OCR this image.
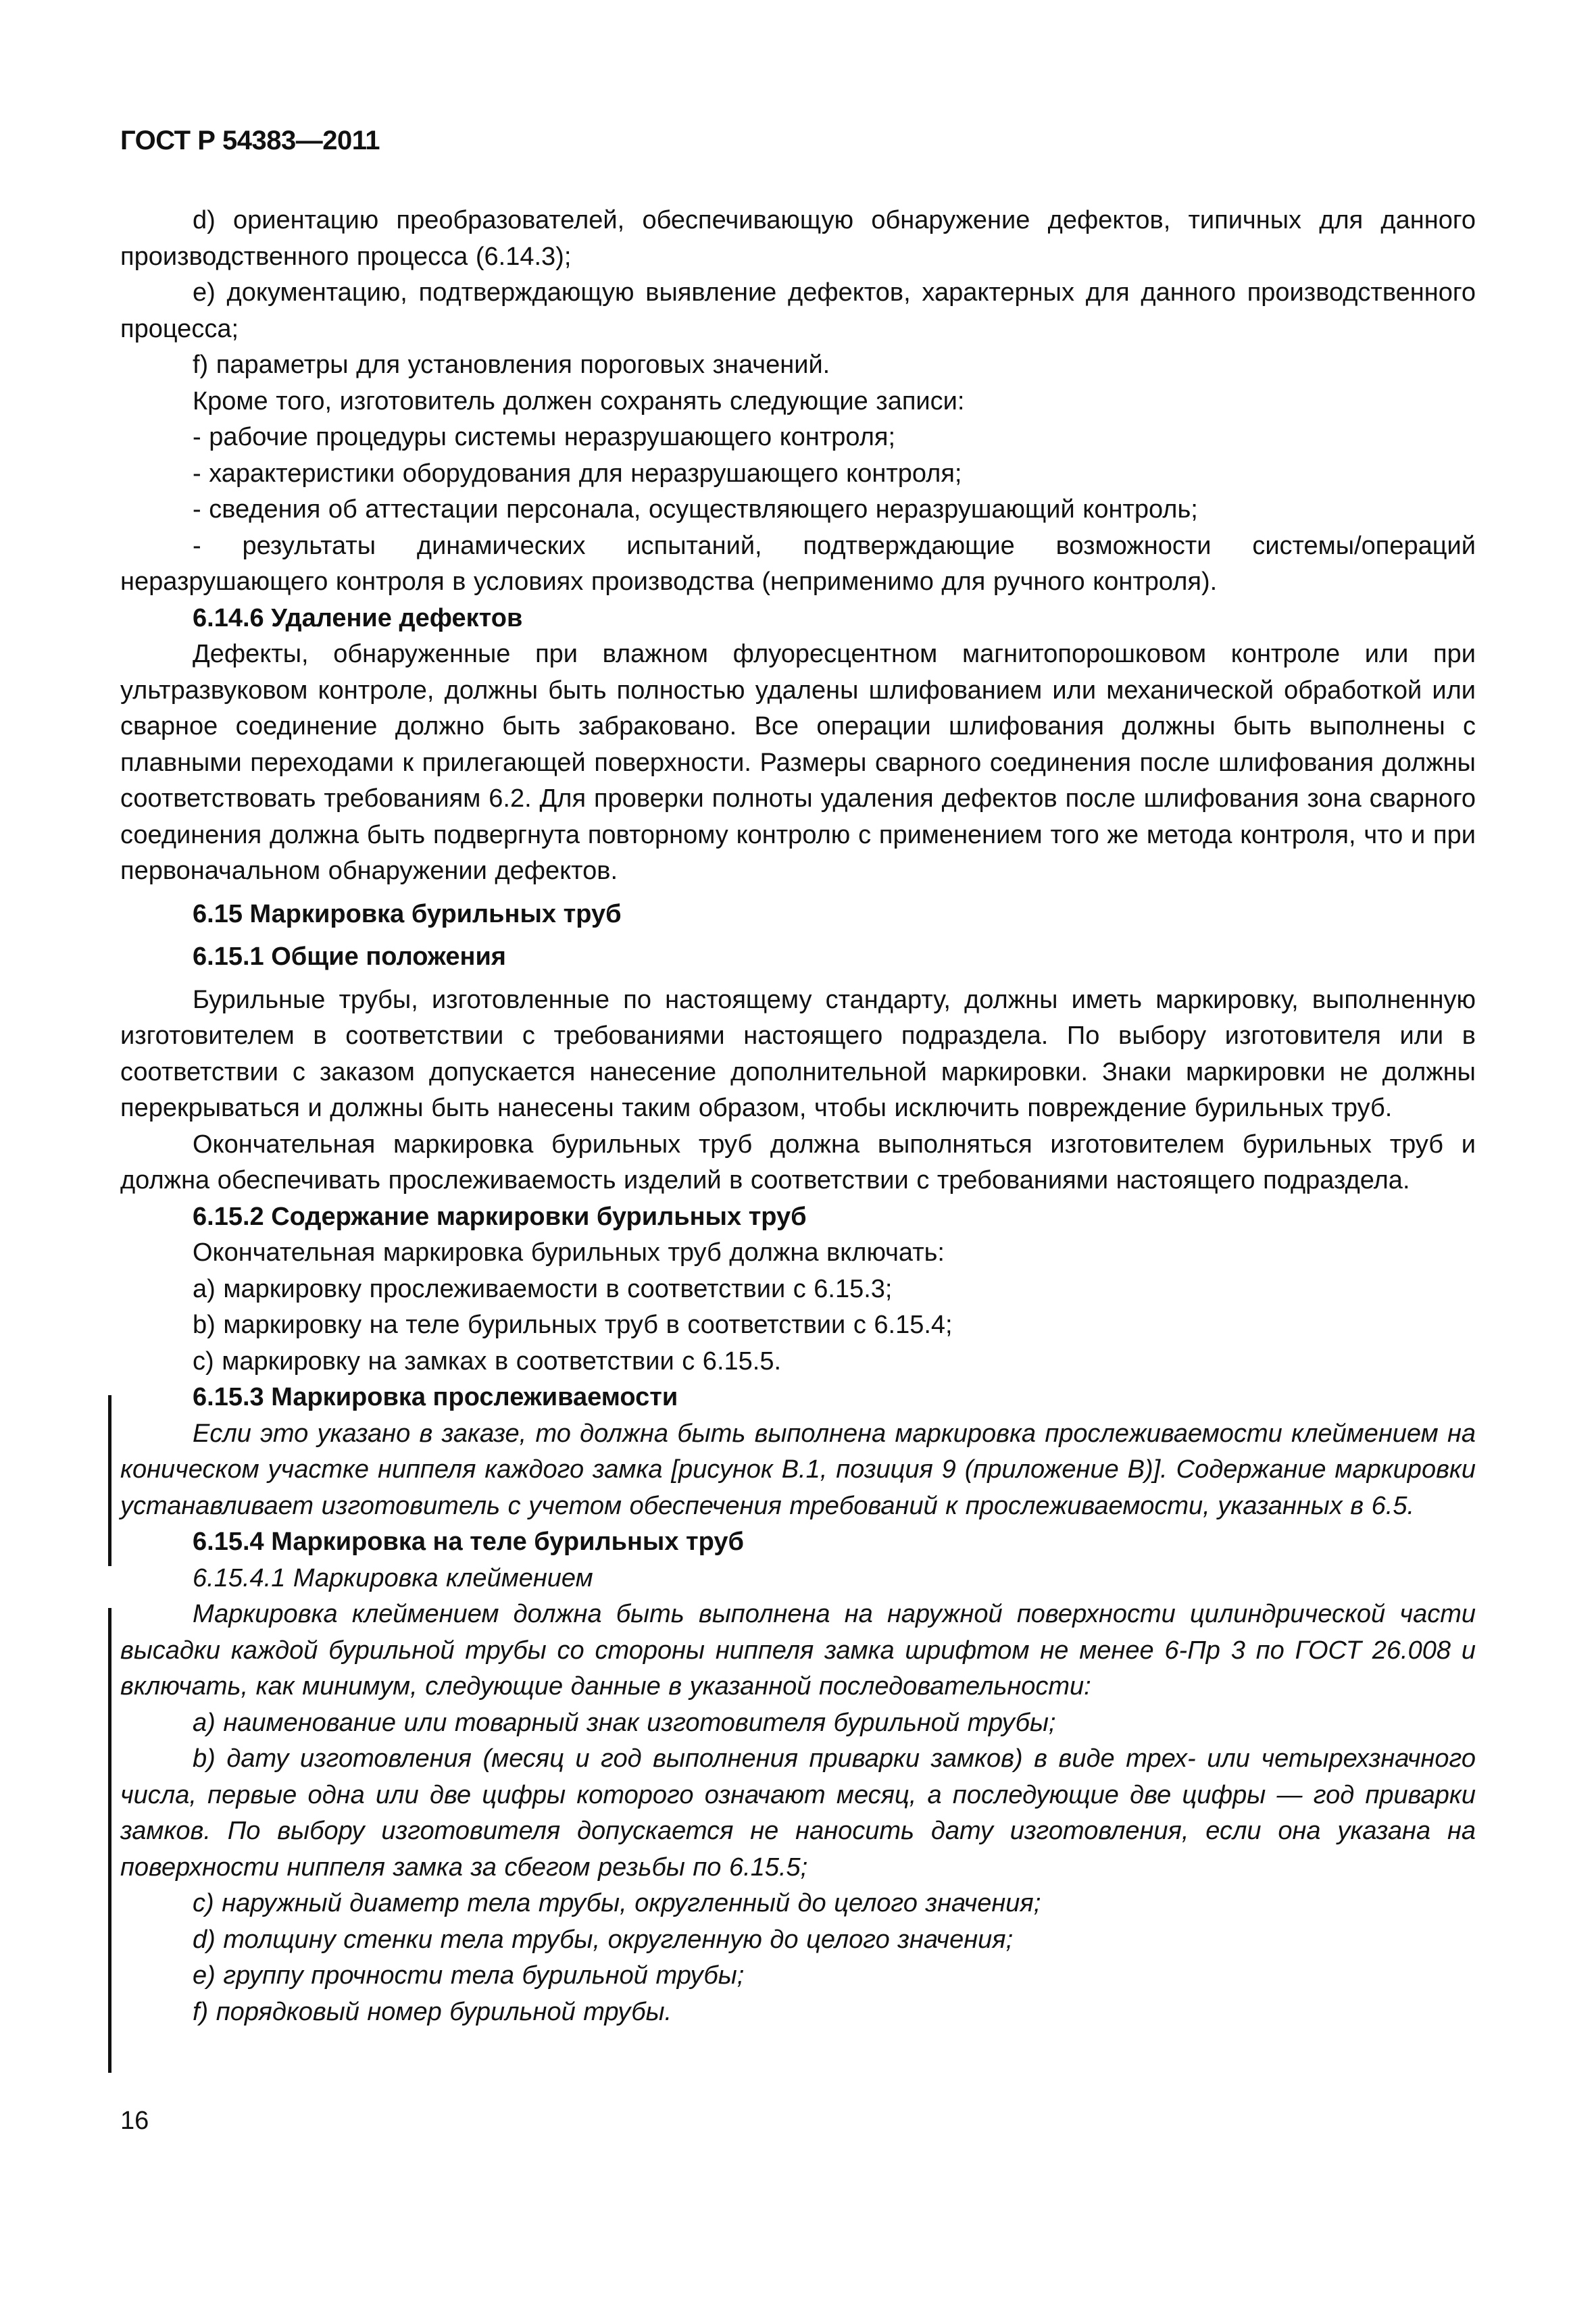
ГОСТ Р 54383—2011

d) ориентацию преобразователей, обеспечивающую обнаружение дефектов, типичных для данного производственного процесса (6.14.3);

e) документацию, подтверждающую выявление дефектов, характерных для данного производственного процесса;

f) параметры для установления пороговых значений.

Кроме того, изготовитель должен сохранять следующие записи:

- рабочие процедуры системы неразрушающего контроля;

- характеристики оборудования для неразрушающего контроля;

- сведения об аттестации персонала, осуществляющего неразрушающий контроль;

- результаты динамических испытаний, подтверждающие возможности системы/операций неразрушающего контроля в условиях производства (неприменимо для ручного контроля).

6.14.6 Удаление дефектов

Дефекты, обнаруженные при влажном флуоресцентном магнитопорошковом контроле или при ультразвуковом контроле, должны быть полностью удалены шлифованием или механической обработкой или сварное соединение должно быть забраковано. Все операции шлифования должны быть выполнены с плавными переходами к прилегающей поверхности. Размеры сварного соединения после шлифования должны соответствовать требованиям 6.2. Для проверки полноты удаления дефектов после шлифования зона сварного соединения должна быть подвергнута повторному контролю с применением того же метода контроля, что и при первоначальном обнаружении дефектов.

6.15 Маркировка бурильных труб

6.15.1 Общие положения

Бурильные трубы, изготовленные по настоящему стандарту, должны иметь маркировку, выполненную изготовителем в соответствии с требованиями настоящего подраздела. По выбору изготовителя или в соответствии с заказом допускается нанесение дополнительной маркировки. Знаки маркировки не должны перекрываться и должны быть нанесены таким образом, чтобы исключить повреждение бурильных труб.

Окончательная маркировка бурильных труб должна выполняться изготовителем бурильных труб и должна обеспечивать прослеживаемость изделий в соответствии с требованиями настоящего подраздела.

6.15.2 Содержание маркировки бурильных труб

Окончательная маркировка бурильных труб должна включать:

a) маркировку прослеживаемости в соответствии с 6.15.3;

b) маркировку на теле бурильных труб в соответствии с 6.15.4;

c) маркировку на замках в соответствии с 6.15.5.

6.15.3 Маркировка прослеживаемости

Если это указано в заказе, то должна быть выполнена маркировка прослеживаемости клеймением на коническом участке ниппеля каждого замка [рисунок В.1, позиция 9 (приложение В)]. Содержание маркировки устанавливает изготовитель с учетом обеспечения требований к прослеживаемости, указанных в 6.5.

6.15.4 Маркировка на теле бурильных труб

6.15.4.1 Маркировка клеймением

Маркировка клеймением должна быть выполнена на наружной поверхности цилиндрической части высадки каждой бурильной трубы со стороны ниппеля замка шрифтом не менее 6-Пр 3 по ГОСТ 26.008 и включать, как минимум, следующие данные в указанной последовательности:

a) наименование или товарный знак изготовителя бурильной трубы;

b) дату изготовления (месяц и год выполнения приварки замков) в виде трех- или четырехзначного числа, первые одна или две цифры которого означают месяц, а последующие две цифры — год приварки замков. По выбору изготовителя допускается не наносить дату изготовления, если она указана на поверхности ниппеля замка за сбегом резьбы по 6.15.5;

c) наружный диаметр тела трубы, округленный до целого значения;

d) толщину стенки тела трубы, округленную до целого значения;

e) группу прочности тела бурильной трубы;

f) порядковый номер бурильной трубы.

16
